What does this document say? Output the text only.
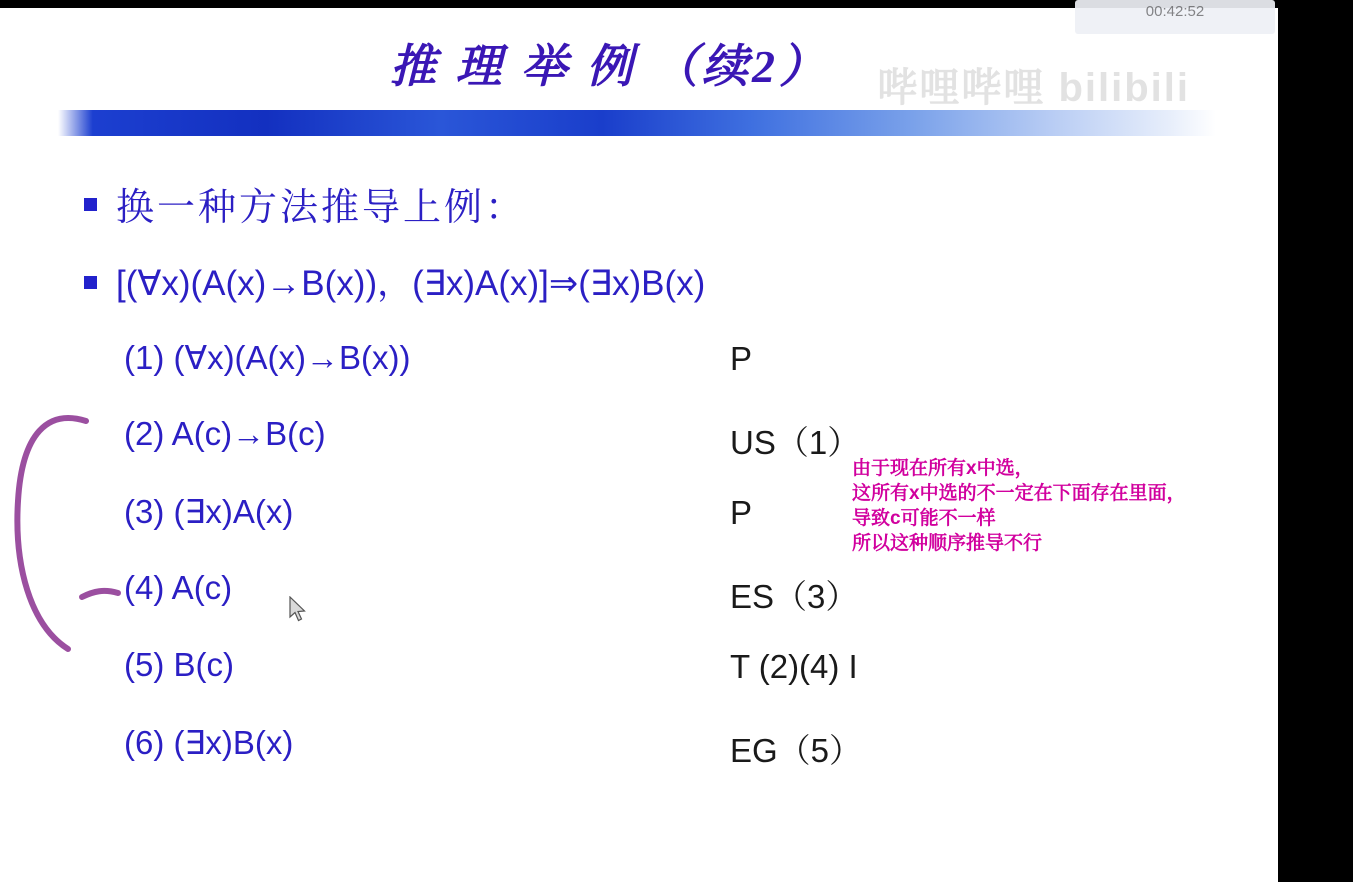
推 理 举 例 （续2） 哔哩哔哩 bilibili
换一种方法推导上例：
[(∀x)(A(x)→B(x))，(∃x)A(x)]⇒(∃x)B(x)
(1) (∀x)(A(x)→B(x))	P
(2) A(c)→B(c)	US（1）
(3) (∃x)A(x)	P
(4) A(c)	ES（3）
(5) B(c)	T (2)(4) I
(6) (∃x)B(x)	EG（5）
由于现在所有x中选，
这所有x中选的不一定在下面存在里面，
导致c可能不一样
所以这种顺序推导不行
00:42:52
